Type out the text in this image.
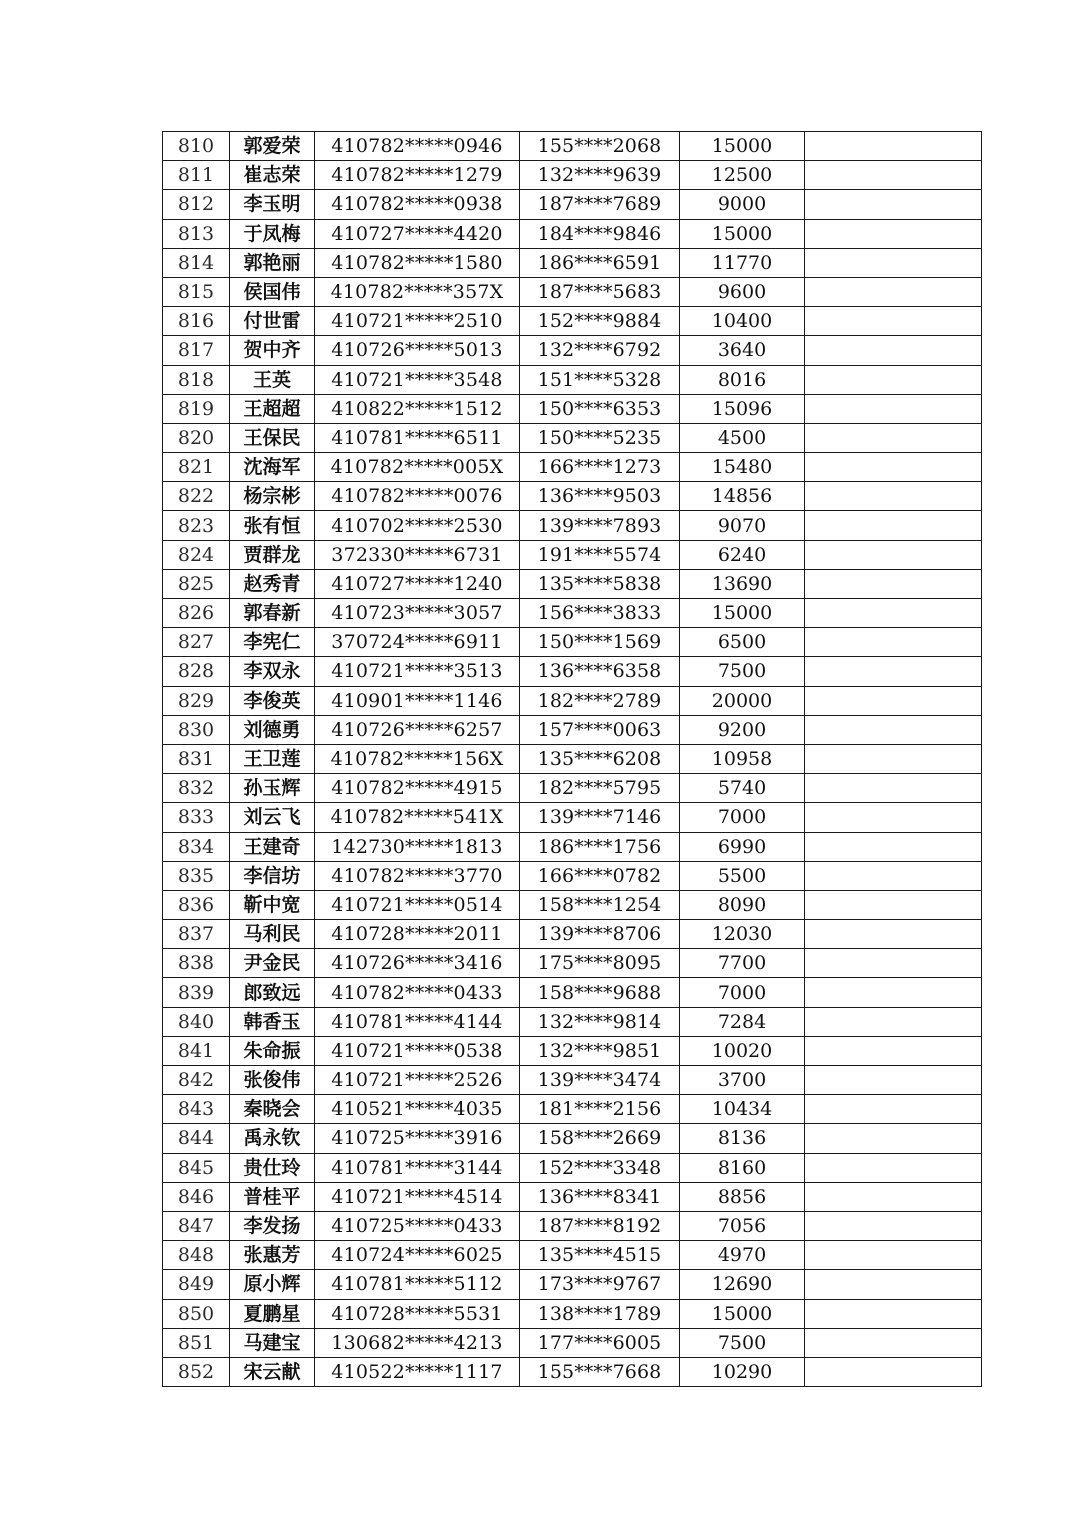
810	郭爱荣	410782*****0946	155****2068	15000	
811	崔志荣	410782*****1279	132****9639	12500	
812	李玉明	410782*****0938	187****7689	9000	
813	于凤梅	410727*****4420	184****9846	15000	
814	郭艳丽	410782*****1580	186****6591	11770	
815	侯国伟	410782*****357X	187****5683	9600	
816	付世雷	410721*****2510	152****9884	10400	
817	贺中齐	410726*****5013	132****6792	3640	
818	王英	410721*****3548	151****5328	8016	
819	王超超	410822*****1512	150****6353	15096	
820	王保民	410781*****6511	150****5235	4500	
821	沈海军	410782*****005X	166****1273	15480	
822	杨宗彬	410782*****0076	136****9503	14856	
823	张有恒	410702*****2530	139****7893	9070	
824	贾群龙	372330*****6731	191****5574	6240	
825	赵秀青	410727*****1240	135****5838	13690	
826	郭春新	410723*****3057	156****3833	15000	
827	李宪仁	370724*****6911	150****1569	6500	
828	李双永	410721*****3513	136****6358	7500	
829	李俊英	410901*****1146	182****2789	20000	
830	刘德勇	410726*****6257	157****0063	9200	
831	王卫莲	410782*****156X	135****6208	10958	
832	孙玉辉	410782*****4915	182****5795	5740	
833	刘云飞	410782*****541X	139****7146	7000	
834	王建奇	142730*****1813	186****1756	6990	
835	李信坊	410782*****3770	166****0782	5500	
836	靳中宽	410721*****0514	158****1254	8090	
837	马利民	410728*****2011	139****8706	12030	
838	尹金民	410726*****3416	175****8095	7700	
839	郎致远	410782*****0433	158****9688	7000	
840	韩香玉	410781*****4144	132****9814	7284	
841	朱命振	410721*****0538	132****9851	10020	
842	张俊伟	410721*****2526	139****3474	3700	
843	秦晓会	410521*****4035	181****2156	10434	
844	禹永钦	410725*****3916	158****2669	8136	
845	贵仕玲	410781*****3144	152****3348	8160	
846	普桂平	410721*****4514	136****8341	8856	
847	李发扬	410725*****0433	187****8192	7056	
848	张惠芳	410724*****6025	135****4515	4970	
849	原小辉	410781*****5112	173****9767	12690	
850	夏鹏星	410728*****5531	138****1789	15000	
851	马建宝	130682*****4213	177****6005	7500	
852	宋云献	410522*****1117	155****7668	10290	
